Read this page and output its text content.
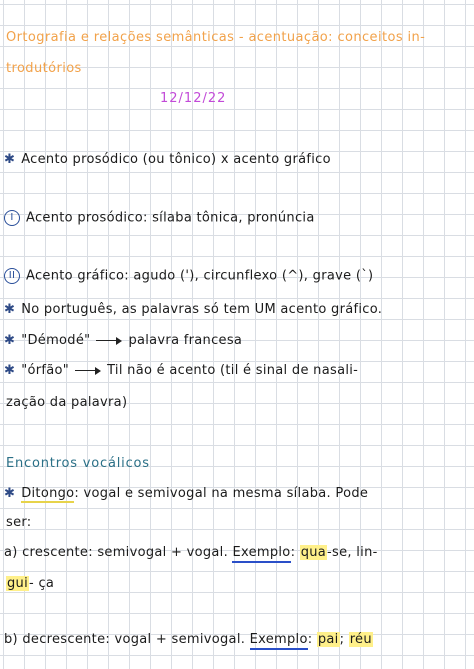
Ortografia e relações semânticas - acentuação: conceitos in-
trodutórios
12/12/22
✱ Acento prosódico (ou tônico) x acento gráfico
I Acento prosódico: sílaba tônica, pronúncia
II Acento gráfico: agudo ('), circunflexo (^), grave (`)
✱ No português, as palavras só tem UM acento gráfico.
✱ "Démodé"	palavra francesa
✱ "órfão"	Til não é acento (til é sinal de nasali-
zação da palavra)
Encontros vocálicos
✱ Ditongo: vogal e semivogal na mesma sílaba. Pode
ser:
a) crescente: semivogal + vogal. Exemplo: qua-se, lin-
gui- ça
b) decrescente: vogal + semivogal. Exemplo: pai; réu
